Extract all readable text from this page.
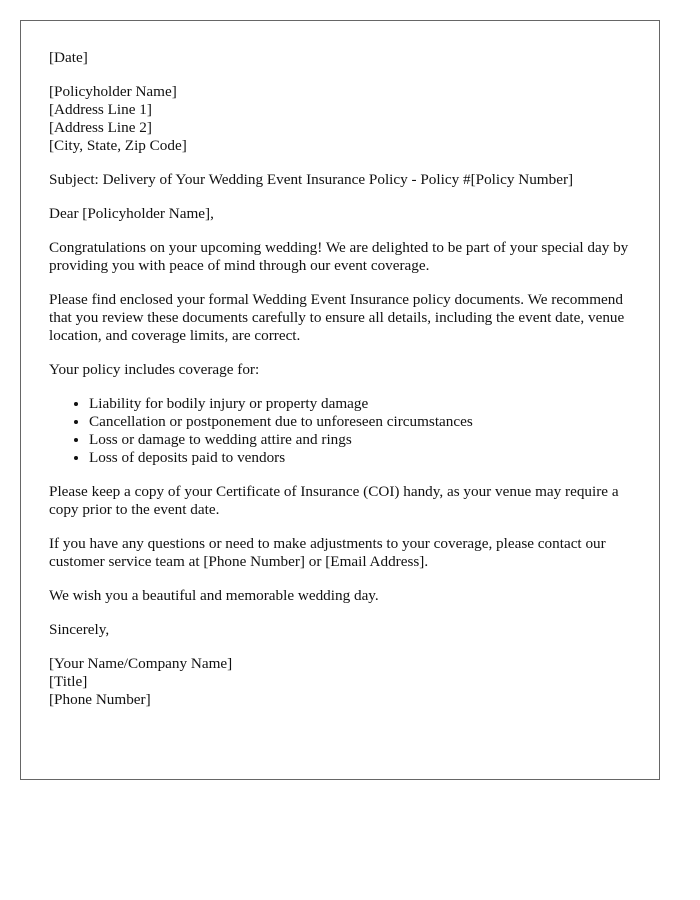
[Date]
[Policyholder Name]
[Address Line 1]
[Address Line 2]
[City, State, Zip Code]
Subject: Delivery of Your Wedding Event Insurance Policy - Policy #[Policy Number]
Dear [Policyholder Name],
Congratulations on your upcoming wedding! We are delighted to be part of your special day by providing you with peace of mind through our event coverage.
Please find enclosed your formal Wedding Event Insurance policy documents. We recommend that you review these documents carefully to ensure all details, including the event date, venue location, and coverage limits, are correct.
Your policy includes coverage for:
• Liability for bodily injury or property damage
• Cancellation or postponement due to unforeseen circumstances
• Loss or damage to wedding attire and rings
• Loss of deposits paid to vendors
Please keep a copy of your Certificate of Insurance (COI) handy, as your venue may require a copy prior to the event date.
If you have any questions or need to make adjustments to your coverage, please contact our customer service team at [Phone Number] or [Email Address].
We wish you a beautiful and memorable wedding day.
Sincerely,
[Your Name/Company Name]
[Title]
[Phone Number]
